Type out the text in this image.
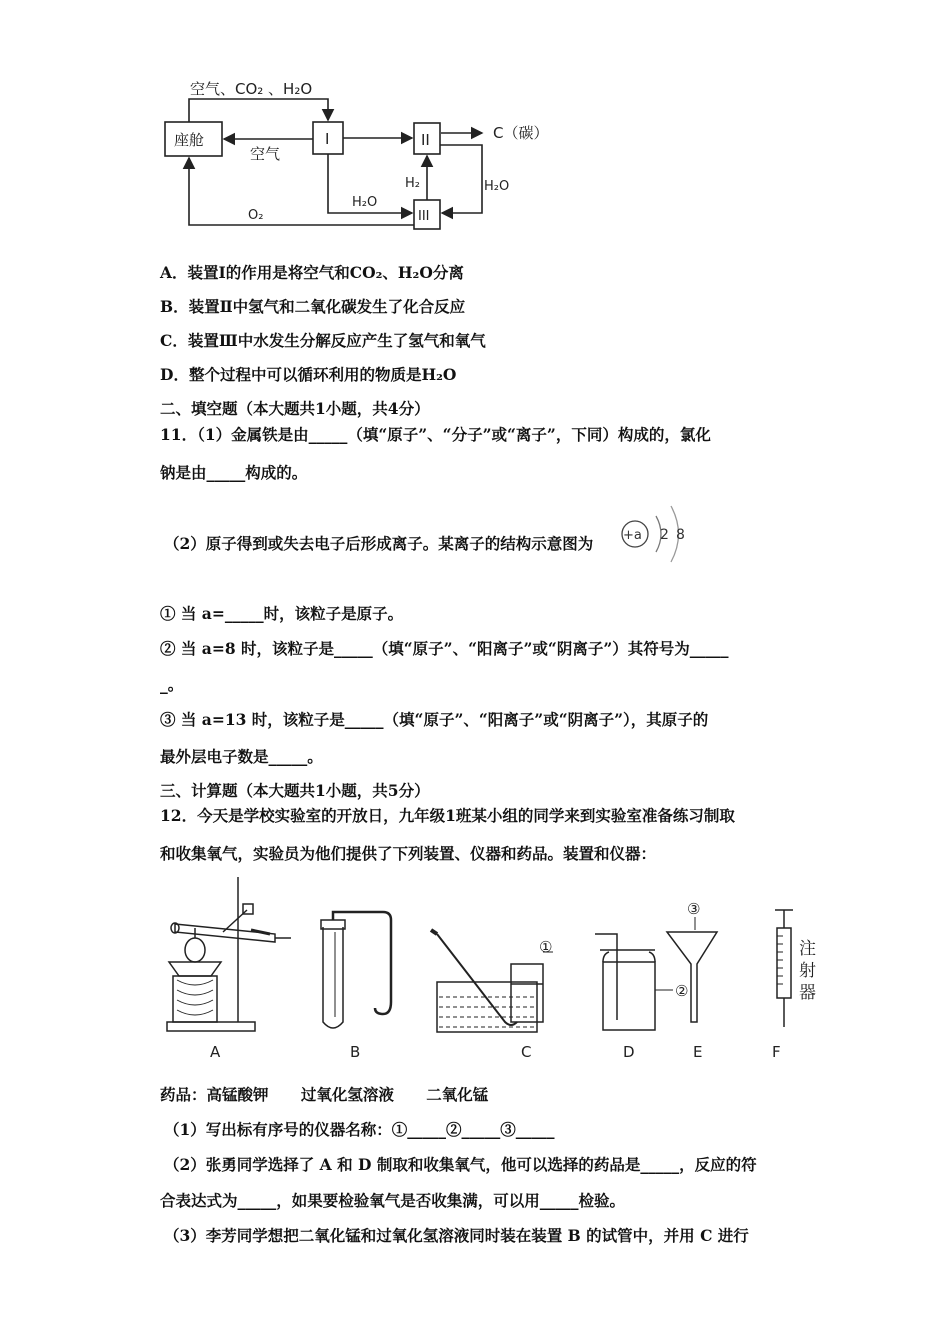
空气、CO₂ 、H₂O
座舱	I	II
III
空气
C（碳）
H₂	H₂O
H₂O
O₂
A．装置Ⅰ的作用是将空气和CO₂、H₂O分离
B．装置Ⅱ中氢气和二氧化碳发生了化合反应
C．装置Ⅲ中水发生分解反应产生了氢气和氧气
D．整个过程中可以循环利用的物质是H₂O
二、填空题（本大题共1小题，共4分）
11．（1）金属铁是由_____（填“原子”、“分子”或“离子”，下同）构成的，氯化
钠是由_____构成的。
（2）原子得到或失去电子后形成离子。某离子的结构示意图为 +a 2 8
① 当 a=_____时，该粒子是原子。
② 当 a=8 时，该粒子是_____（填“原子”、“阳离子”或“阴离子”）其符号为_____
_。
③ 当 a=13 时，该粒子是_____（填“原子”、“阳离子”或“阴离子”），其原子的
最外层电子数是_____。
三、计算题（本大题共1小题，共5分）
12．今天是学校实验室的开放日，九年级1班某小组的同学来到实验室准备练习制取
和收集氧气，实验员为他们提供了下列装置、仪器和药品。装置和仪器：
①
②
③
注
射
器
A	B	C	D	E	F
药品：高锰酸钾      过氧化氢溶液      二氧化锰
（1）写出标有序号的仪器名称：①_____②_____③_____
（2）张勇同学选择了 A 和 D 制取和收集氧气，他可以选择的药品是_____，反应的符
合表达式为_____，如果要检验氧气是否收集满，可以用_____检验。
（3）李芳同学想把二氧化锰和过氧化氢溶液同时装在装置 B 的试管中，并用 C 进行
